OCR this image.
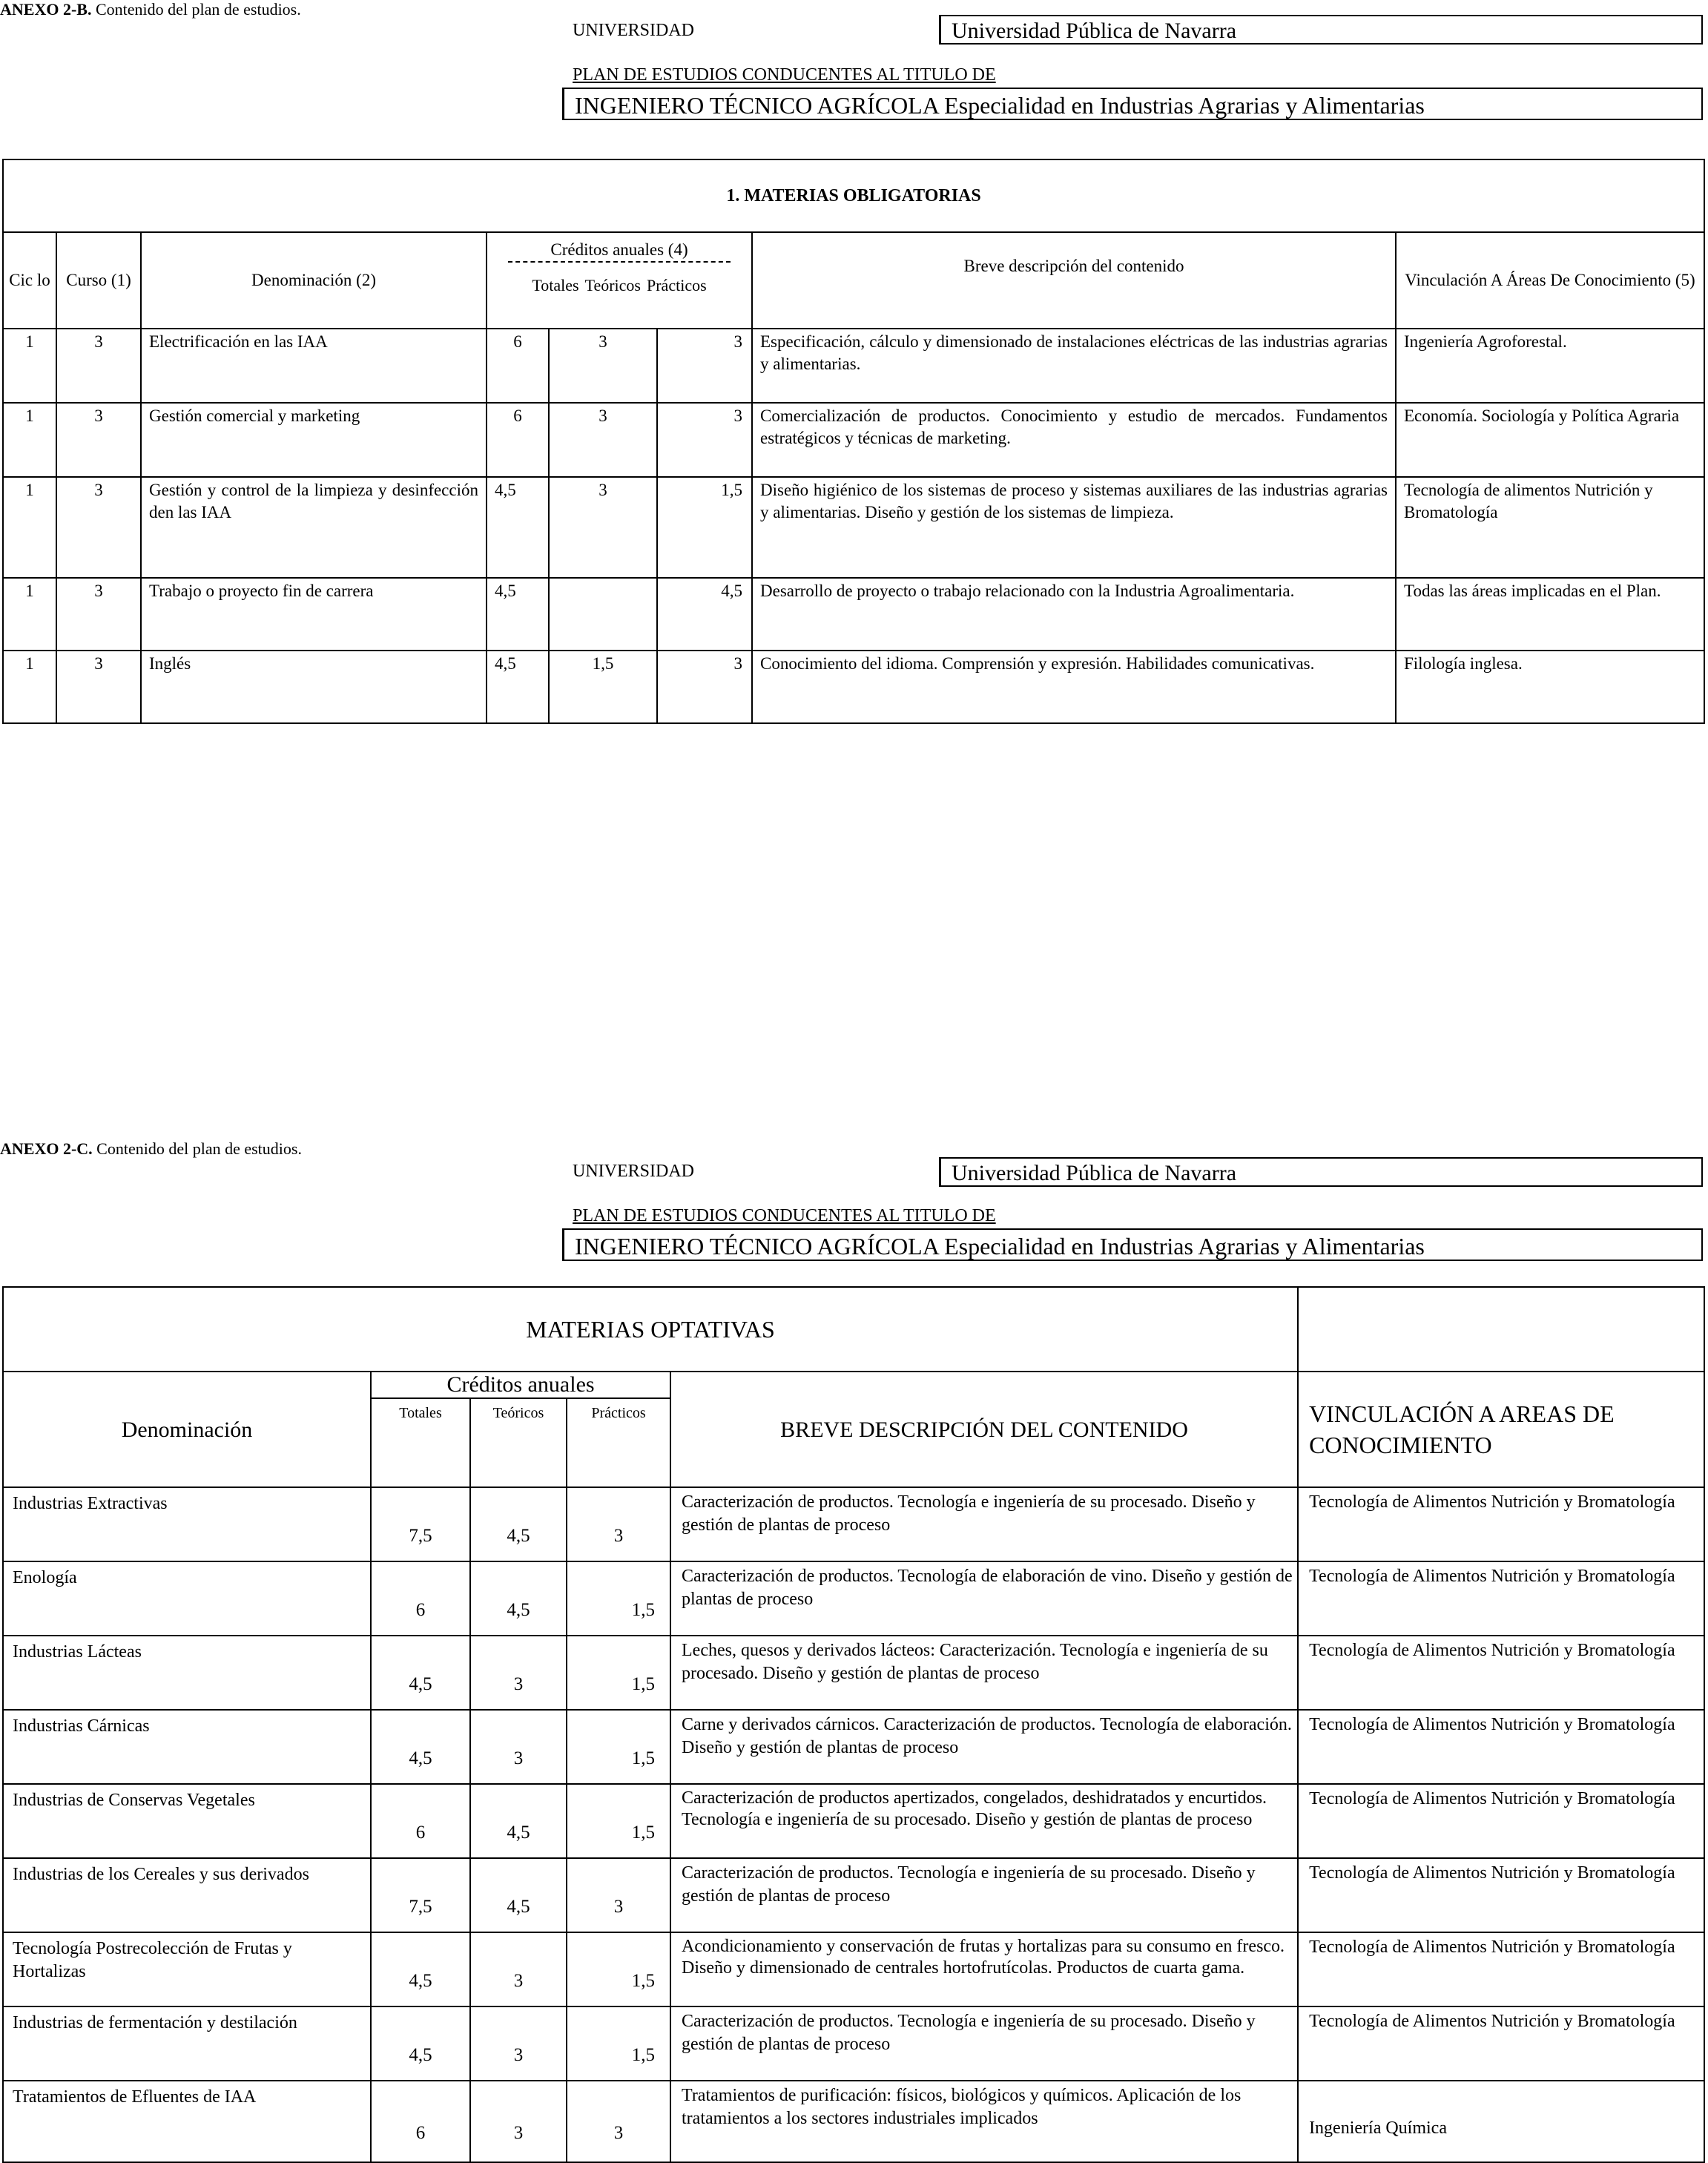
ANEXO 2-B. Contenido del plan de estudios.
UNIVERSIDAD	Universidad Pública de Navarra
PLAN DE ESTUDIOS CONDUCENTES AL TITULO DE
INGENIERO TÉCNICO AGRÍCOLA Especialidad en Industrias Agrarias y Alimentarias
1. MATERIAS OBLIGATORIAS							
Cic lo	Curso (1)	Denominación (2)	Créditos anuales (4)
Totales Teóricos Prácticos			Breve descripción del contenido	Vinculación A Áreas De Conocimiento (5)
1	3	Electrificación en las IAA	6	3	3	Especificación, cálculo y dimensionado de instalaciones eléctricas de las industrias agrarias y alimentarias.	Ingeniería Agroforestal.
1	3	Gestión comercial y marketing	6	3	3	Comercialización de productos. Conocimiento y estudio de mercados. Fundamentos estratégicos y técnicas de marketing.	Economía. Sociología y Política Agraria
1	3	Gestión y control de la limpieza y desinfección den las IAA	4,5	3	1,5	Diseño higiénico de los sistemas de proceso y sistemas auxiliares de las industrias agrarias y alimentarias. Diseño y gestión de los sistemas de limpieza.	Tecnología de alimentos Nutrición y Bromatología
1	3	Trabajo o proyecto fin de carrera	4,5		4,5	Desarrollo de proyecto o trabajo relacionado con la Industria Agroalimentaria.	Todas las áreas implicadas en el Plan.
1	3	Inglés	4,5	1,5	3	Conocimiento del idioma. Comprensión y expresión. Habilidades comunicativas.	Filología inglesa.
ANEXO 2-C. Contenido del plan de estudios.
UNIVERSIDAD	Universidad Pública de Navarra
PLAN DE ESTUDIOS CONDUCENTES AL TITULO DE
INGENIERO TÉCNICO AGRÍCOLA Especialidad en Industrias Agrarias y Alimentarias
MATERIAS OPTATIVAS					
Denominación	Créditos anuales			BREVE DESCRIPCIÓN DEL CONTENIDO	VINCULACIÓN A AREAS DE CONOCIMIENTO
	Totales	Teóricos	Prácticos		
Industrias Extractivas	7,5	4,5	3	Caracterización de productos. Tecnología e ingeniería de su procesado. Diseño y gestión de plantas de proceso	Tecnología de Alimentos Nutrición y Bromatología
Enología	6	4,5	1,5	Caracterización de productos. Tecnología de elaboración de vino. Diseño y gestión de plantas de proceso	Tecnología de Alimentos Nutrición y Bromatología
Industrias Lácteas	4,5	3	1,5	Leches, quesos y derivados lácteos: Caracterización. Tecnología e ingeniería de su procesado. Diseño y gestión de plantas de proceso	Tecnología de Alimentos Nutrición y Bromatología
Industrias Cárnicas	4,5	3	1,5	Carne y derivados cárnicos. Caracterización de productos. Tecnología de elaboración. Diseño y gestión de plantas de proceso	Tecnología de Alimentos Nutrición y Bromatología
Industrias de Conservas Vegetales	6	4,5	1,5	Caracterización de productos apertizados, congelados, deshidratados y encurtidos. Tecnología e ingeniería de su procesado. Diseño y gestión de plantas de proceso	Tecnología de Alimentos Nutrición y Bromatología
Industrias de los Cereales y sus derivados	7,5	4,5	3	Caracterización de productos. Tecnología e ingeniería de su procesado. Diseño y gestión de plantas de proceso	Tecnología de Alimentos Nutrición y Bromatología
Tecnología Postrecolección de Frutas y Hortalizas	4,5	3	1,5	Acondicionamiento y conservación de frutas y hortalizas para su consumo en fresco. Diseño y dimensionado de centrales hortofrutícolas. Productos de cuarta gama.	Tecnología de Alimentos Nutrición y Bromatología
Industrias de fermentación y destilación	4,5	3	1,5	Caracterización de productos. Tecnología e ingeniería de su procesado. Diseño y gestión de plantas de proceso	Tecnología de Alimentos Nutrición y Bromatología
Tratamientos de Efluentes de IAA	6	3	3	Tratamientos de purificación: físicos, biológicos y químicos. Aplicación de los tratamientos a los sectores industriales implicados	Ingeniería Química
